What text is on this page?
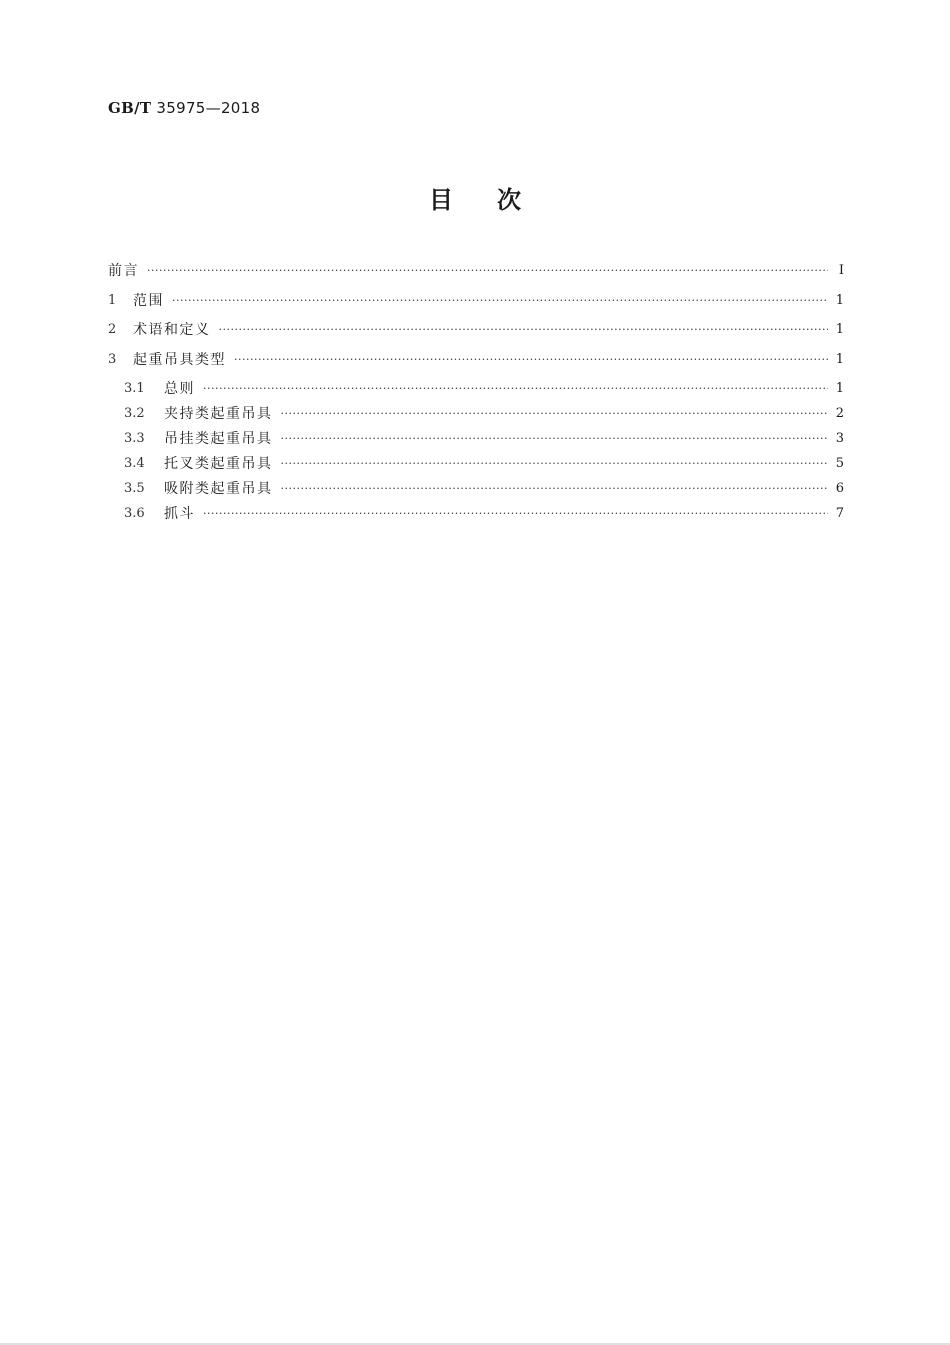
GB/T 35975—2018
目次
前言 ·····	Ⅰ
1	范围 ·····	1
2	术语和定义 ·····	1
3	起重吊具类型 ·····	1
3.1	总则 ·····	1
3.2	夹持类起重吊具 ·····	2
3.3	吊挂类起重吊具 ·····	3
3.4	托叉类起重吊具 ·····	5
3.5	吸附类起重吊具 ·····	6
3.6	抓斗 ·····	7
